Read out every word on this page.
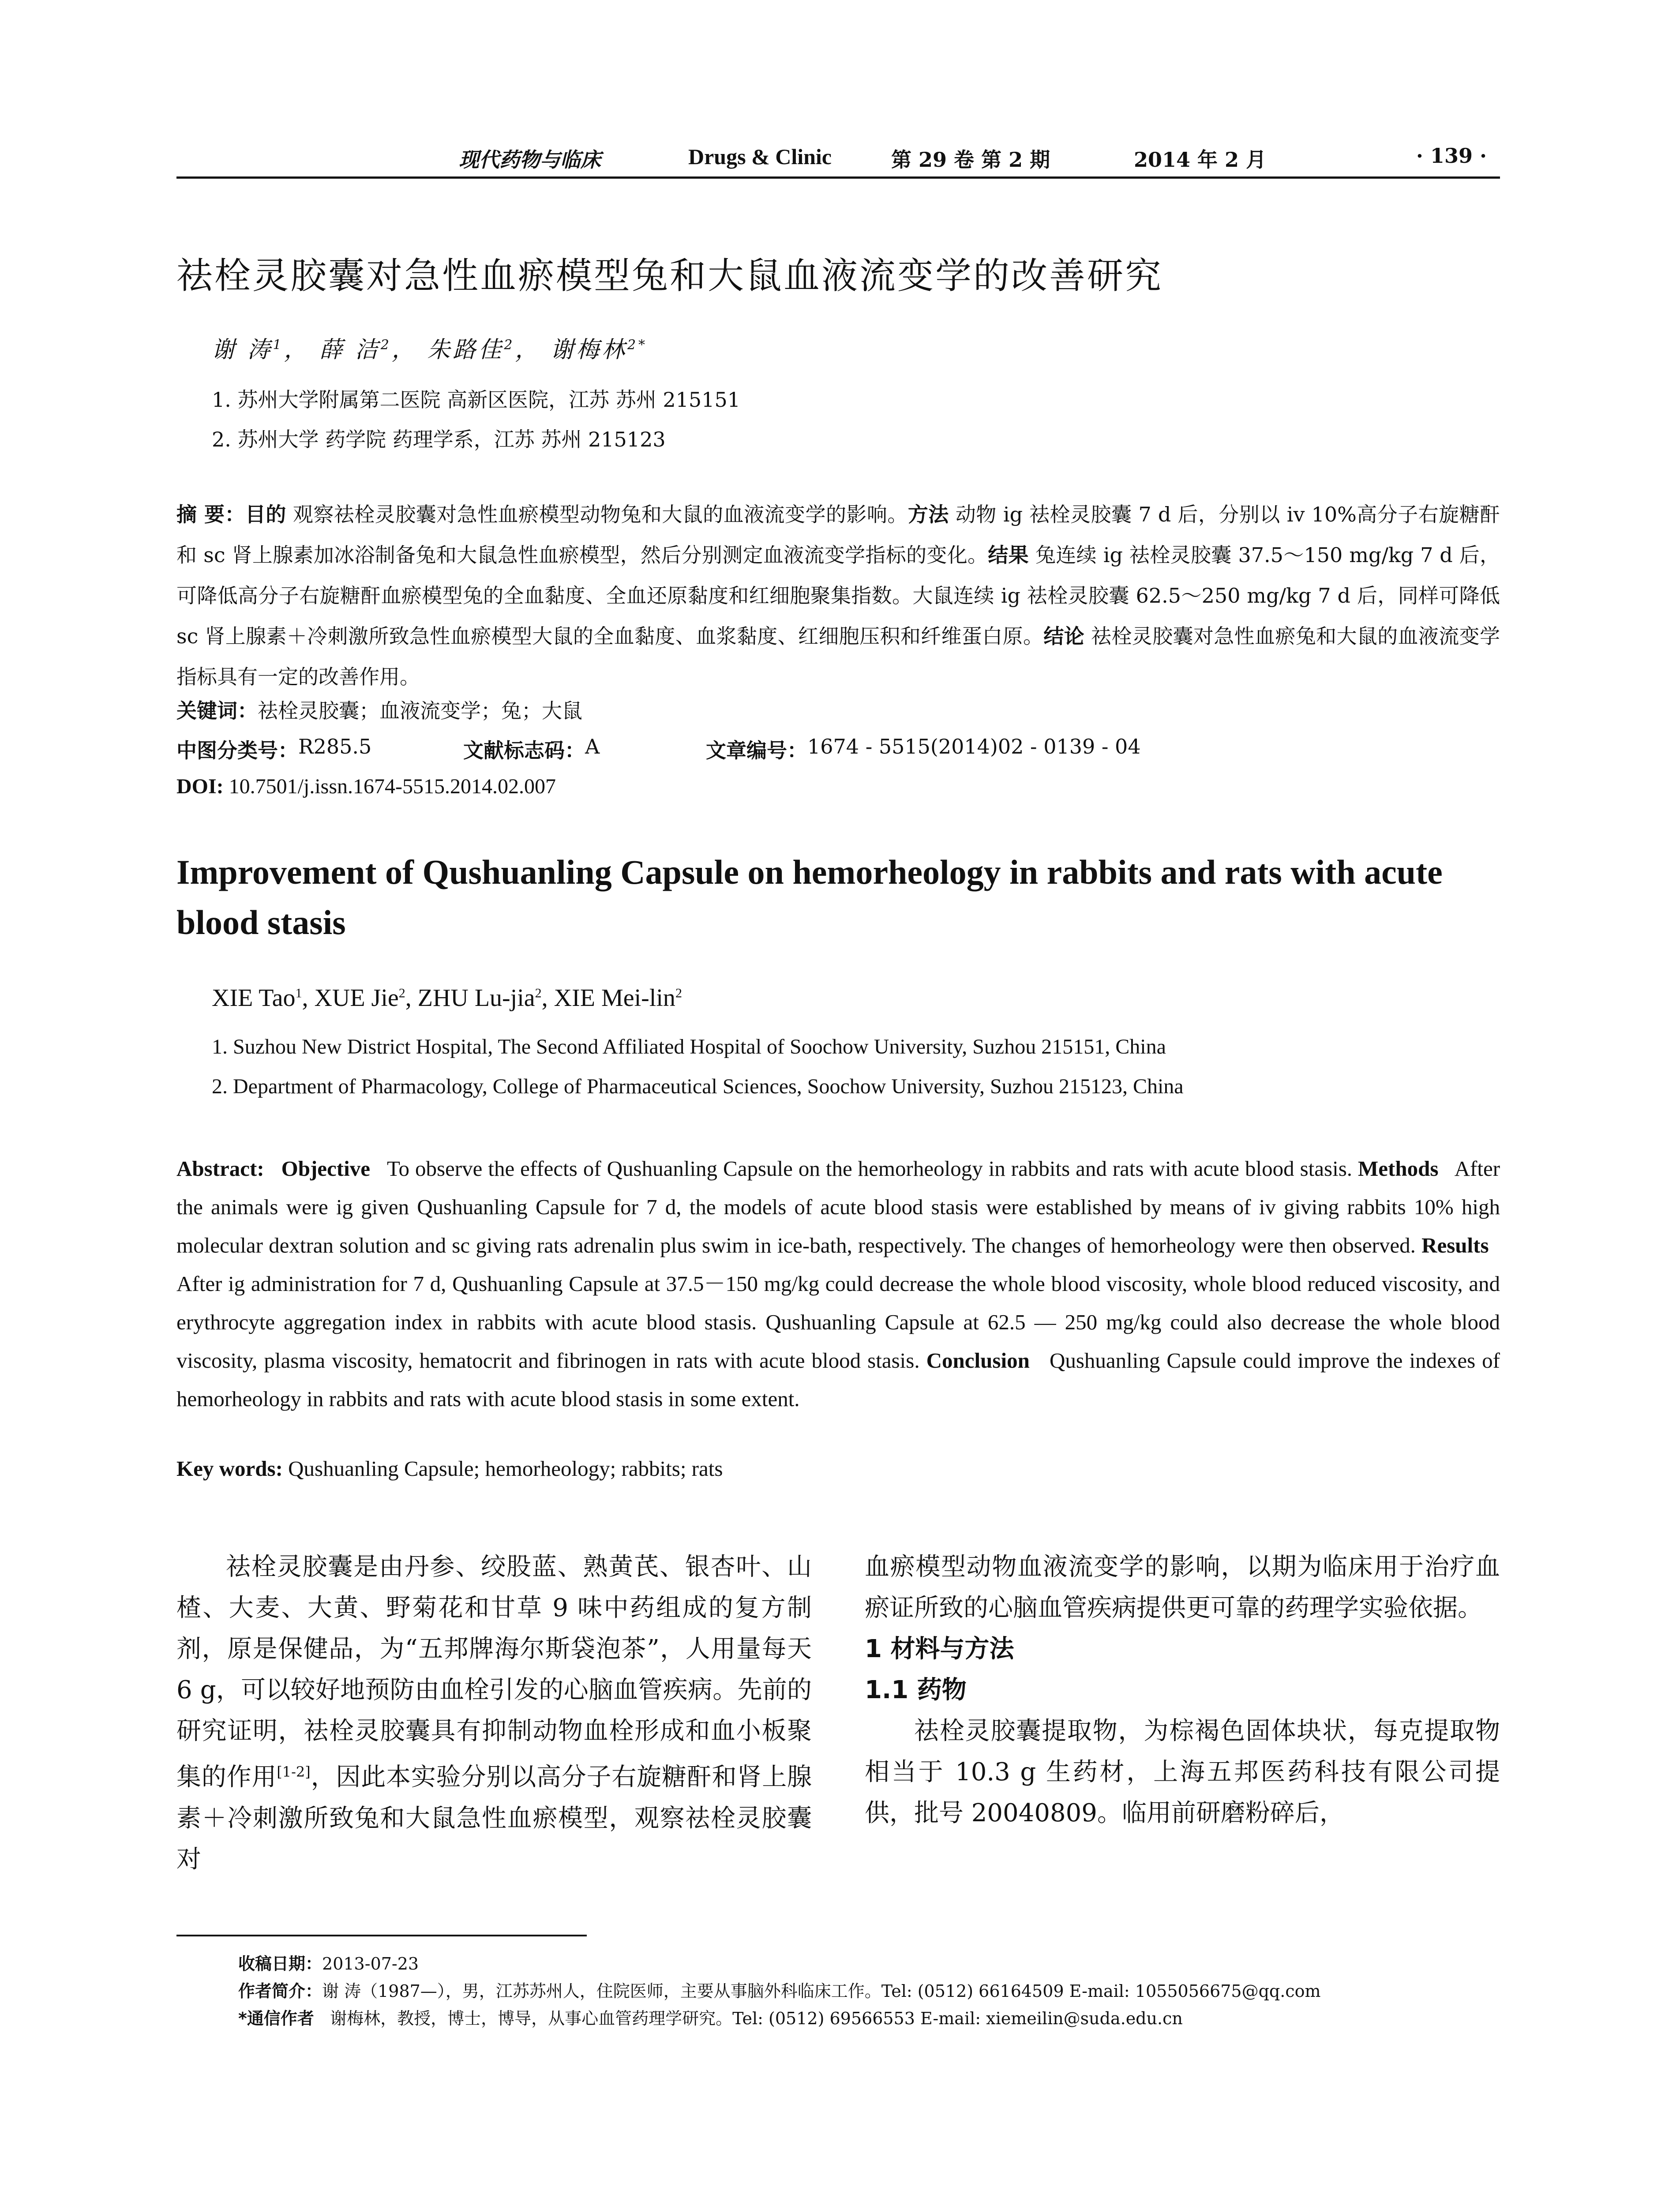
现代药物与临床	Drugs & Clinic	第 29 卷 第 2 期	2014 年 2 月	· 139 ·
祛栓灵胶囊对急性血瘀模型兔和大鼠血液流变学的改善研究
谢 涛$^1$， 薛 洁$^2$， 朱路佳$^2$， 谢梅林$^{2*}$
1. 苏州大学附属第二医院 高新区医院，江苏 苏州 215151
2. 苏州大学 药学院 药理学系，江苏 苏州 215123
摘 要：目的 观察祛栓灵胶囊对急性血瘀模型动物兔和大鼠的血液流变学的影响。方法 动物 ig 祛栓灵胶囊 7 d 后，分别以 iv 10%高分子右旋糖酐和 sc 肾上腺素加冰浴制备兔和大鼠急性血瘀模型，然后分别测定血液流变学指标的变化。结果 兔连续 ig 祛栓灵胶囊 37.5～150 mg/kg 7 d 后，可降低高分子右旋糖酐血瘀模型兔的全血黏度、全血还原黏度和红细胞聚集指数。大鼠连续 ig 祛栓灵胶囊 62.5～250 mg/kg 7 d 后，同样可降低 sc 肾上腺素＋冷刺激所致急性血瘀模型大鼠的全血黏度、血浆黏度、红细胞压积和纤维蛋白原。结论 祛栓灵胶囊对急性血瘀兔和大鼠的血液流变学指标具有一定的改善作用。
关键词：祛栓灵胶囊；血液流变学；兔；大鼠
中图分类号： R285.5	文献标志码： A	文章编号： 1674 - 5515(2014)02 - 0139 - 04
DOI: 10.7501/j.issn.1674-5515.2014.02.007
Improvement of Qushuanling Capsule on hemorheology in rabbits and rats with acute blood stasis
XIE Tao$^1$, XUE Jie$^2$, ZHU Lu-jia$^2$, XIE Mei-lin$^2$
1. Suzhou New District Hospital, The Second Affiliated Hospital of Soochow University, Suzhou 215151, China
2. Department of Pharmacology, College of Pharmaceutical Sciences, Soochow University, Suzhou 215123, China
Abstract: Objective To observe the effects of Qushuanling Capsule on the hemorheology in rabbits and rats with acute blood stasis. Methods After the animals were ig given Qushuanling Capsule for 7 d, the models of acute blood stasis were established by means of iv giving rabbits 10% high molecular dextran solution and sc giving rats adrenalin plus swim in ice-bath, respectively. The changes of hemorheology were then observed. Results   After ig administration for 7 d, Qushuanling Capsule at 37.5－150 mg/kg could decrease the whole blood viscosity, whole blood reduced viscosity, and erythrocyte aggregation index in rabbits with acute blood stasis. Qushuanling Capsule at 62.5 — 250 mg/kg could also decrease the whole blood viscosity, plasma viscosity, hematocrit and fibrinogen in rats with acute blood stasis. Conclusion Qushuanling Capsule could improve the indexes of hemorheology in rabbits and rats with acute blood stasis in some extent.
Key words: Qushuanling Capsule; hemorheology; rabbits; rats

祛栓灵胶囊是由丹参、绞股蓝、熟黄芪、银杏叶、山楂、大麦、大黄、野菊花和甘草 9 味中药组成的复方制剂，原是保健品，为“五邦牌海尔斯袋泡茶”，人用量每天 6 g，可以较好地预防由血栓引发的心脑血管疾病。先前的研究证明，祛栓灵胶囊具有抑制动物血栓形成和血小板聚集的作用[1-2]，因此本实验分别以高分子右旋糖酐和肾上腺素＋冷刺激所致兔和大鼠急性血瘀模型，观察祛栓灵胶囊对

血瘀模型动物血液流变学的影响，以期为临床用于治疗血瘀证所致的心脑血管疾病提供更可靠的药理学实验依据。

1 材料与方法

1.1 药物

祛栓灵胶囊提取物，为棕褐色固体块状，每克提取物相当于 10.3 g 生药材，上海五邦医药科技有限公司提供，批号 20040809。临用前研磨粉碎后，

收稿日期：2013-07-23
作者简介：谢 涛（1987—），男，江苏苏州人，住院医师，主要从事脑外科临床工作。Tel: (0512) 66164509 E-mail: 1055056675@qq.com
*通信作者 谢梅林，教授，博士，博导，从事心血管药理学研究。Tel: (0512) 69566553 E-mail: xiemeilin@suda.edu.cn
